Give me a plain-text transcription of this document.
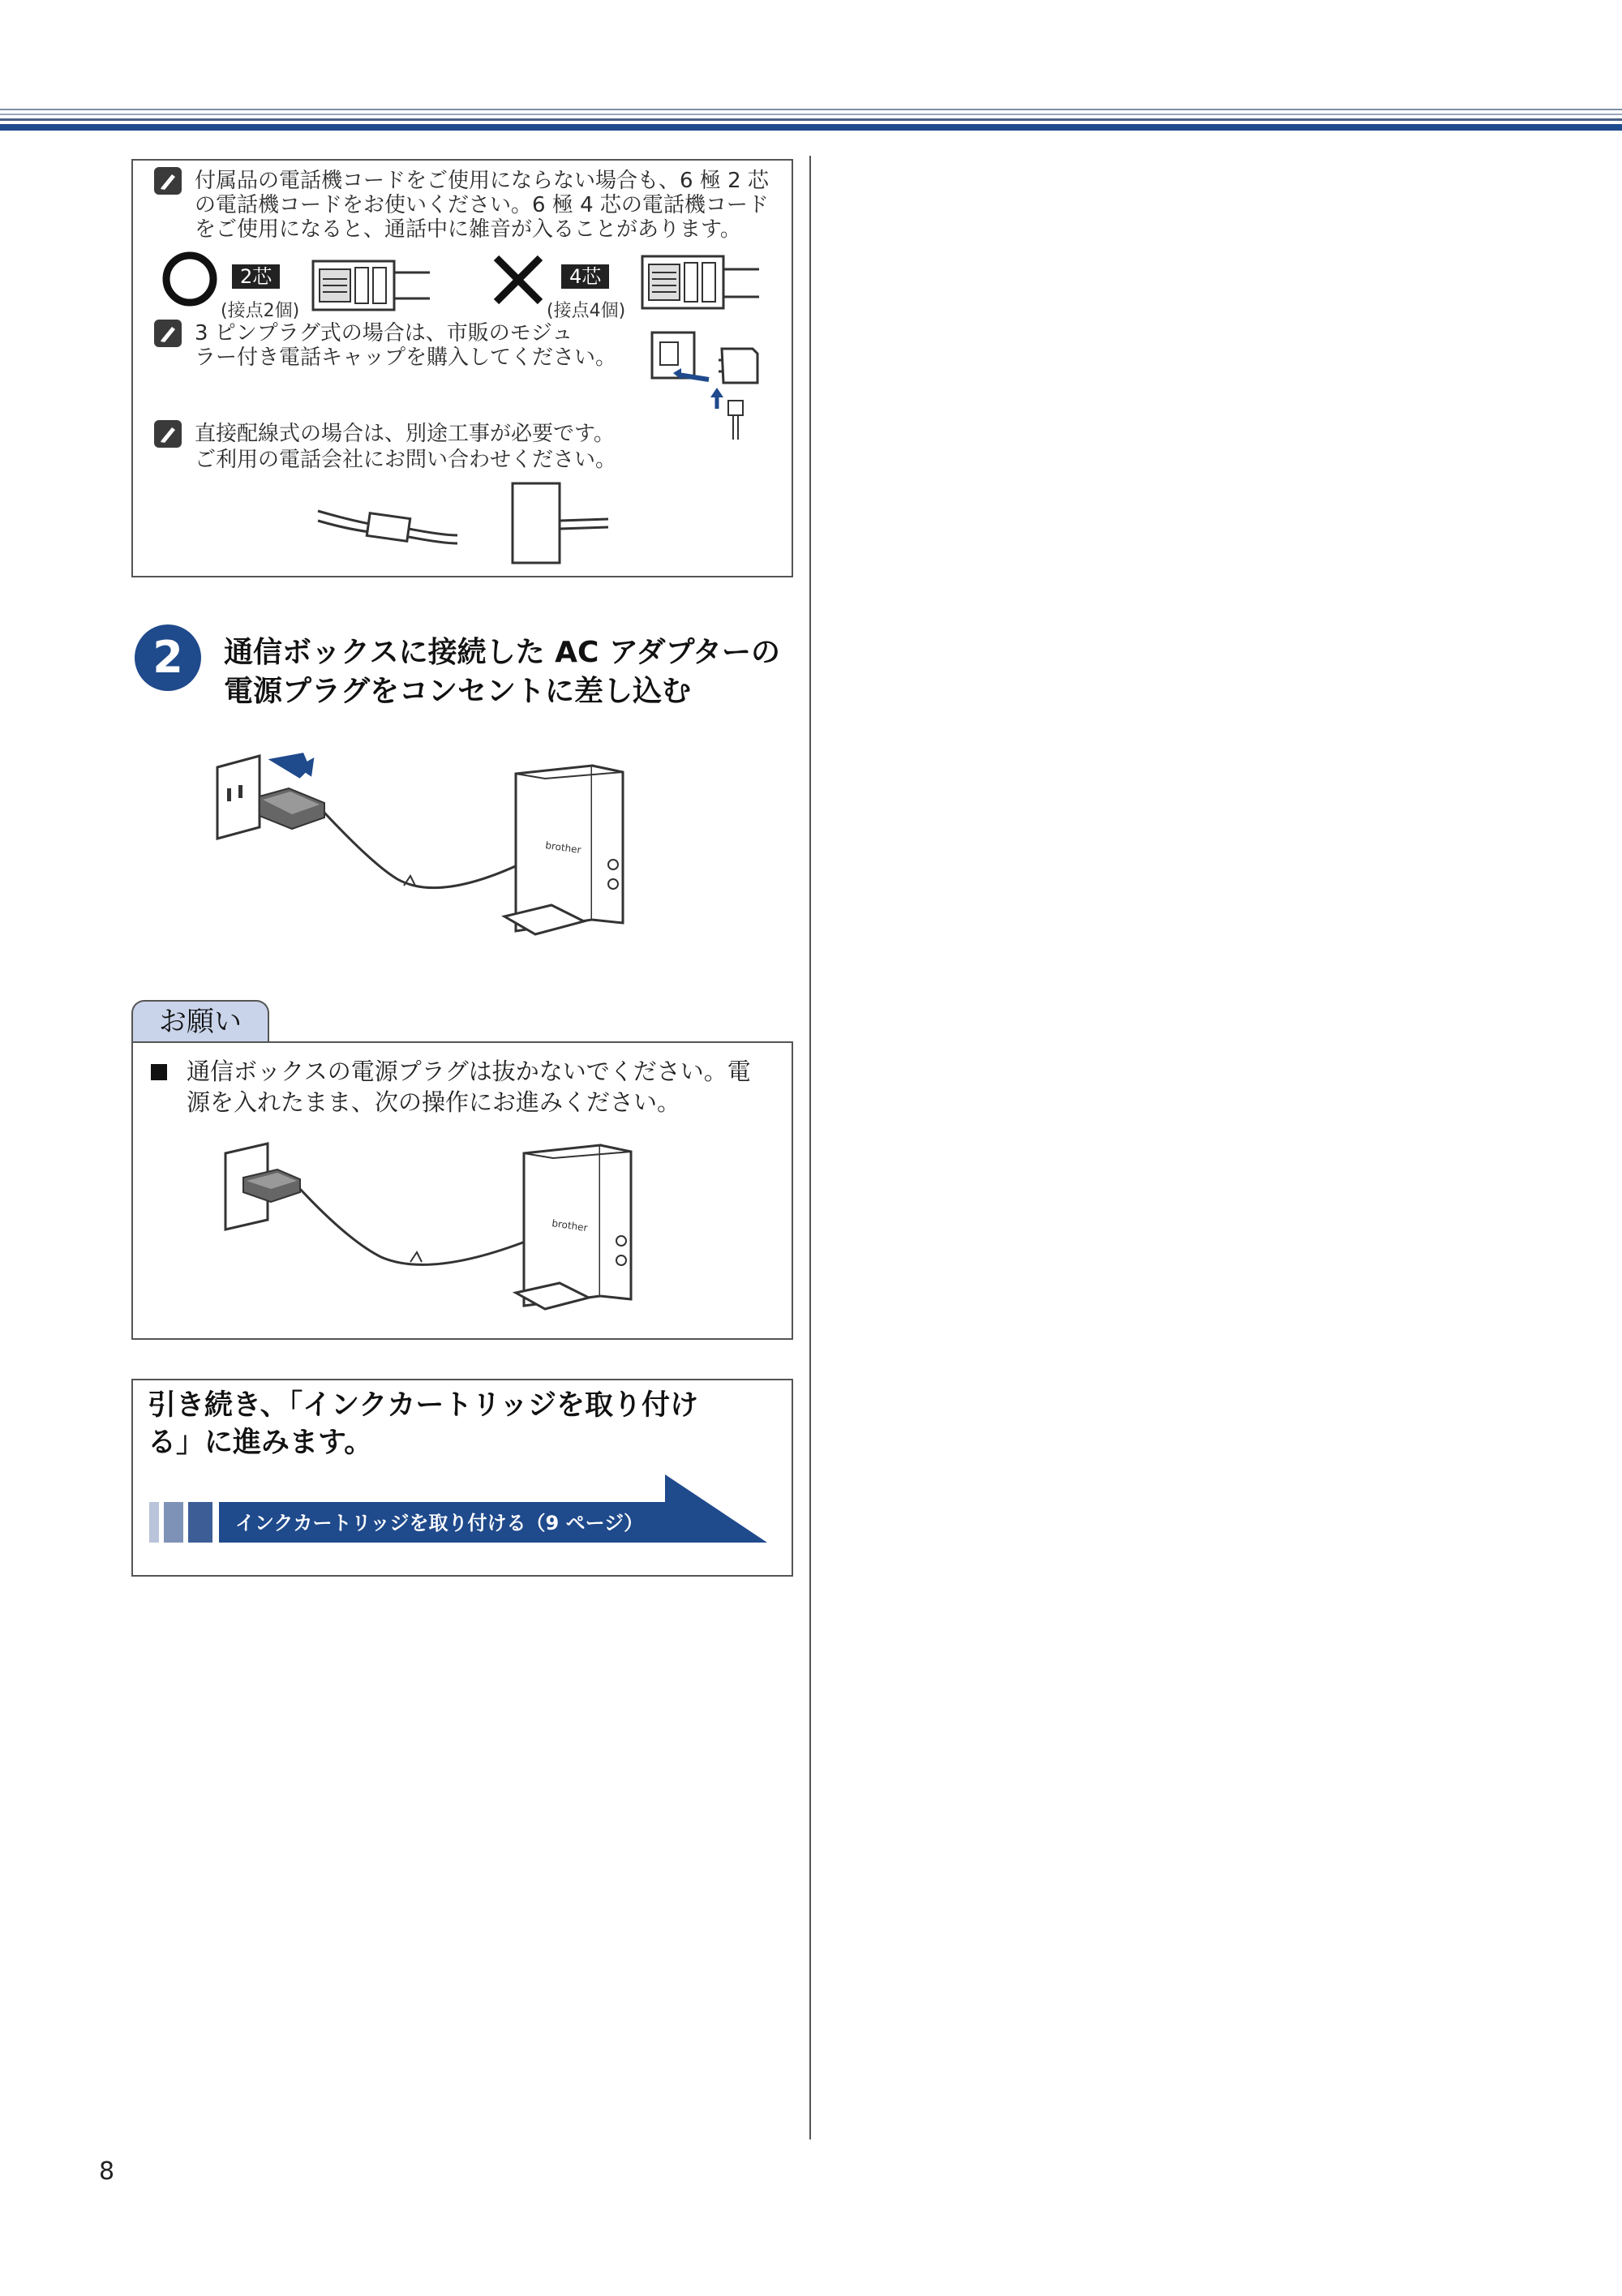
付属品の電話機コードをご使用にならない場合も、6 極 2 芯
の電話機コードをお使いください。6 極 4 芯の電話機コード
をご使用になると、通話中に雑音が入ることがあります。
2芯
(接点2個)
4芯
(接点4個)
3 ピンプラグ式の場合は、市販のモジュ
ラー付き電話キャップを購入してください。
直接配線式の場合は、別途工事が必要です。
ご利用の電話会社にお問い合わせください。
2	通信ボックスに接続した AC アダプターの
電源プラグをコンセントに差し込む
brother
お願い
通信ボックスの電源プラグは抜かないでください。電
源を入れたまま、次の操作にお進みください。
brother
引き続き、「インクカートリッジを取り付け
る」に進みます。
インクカートリッジを取り付ける（9 ページ）
8
